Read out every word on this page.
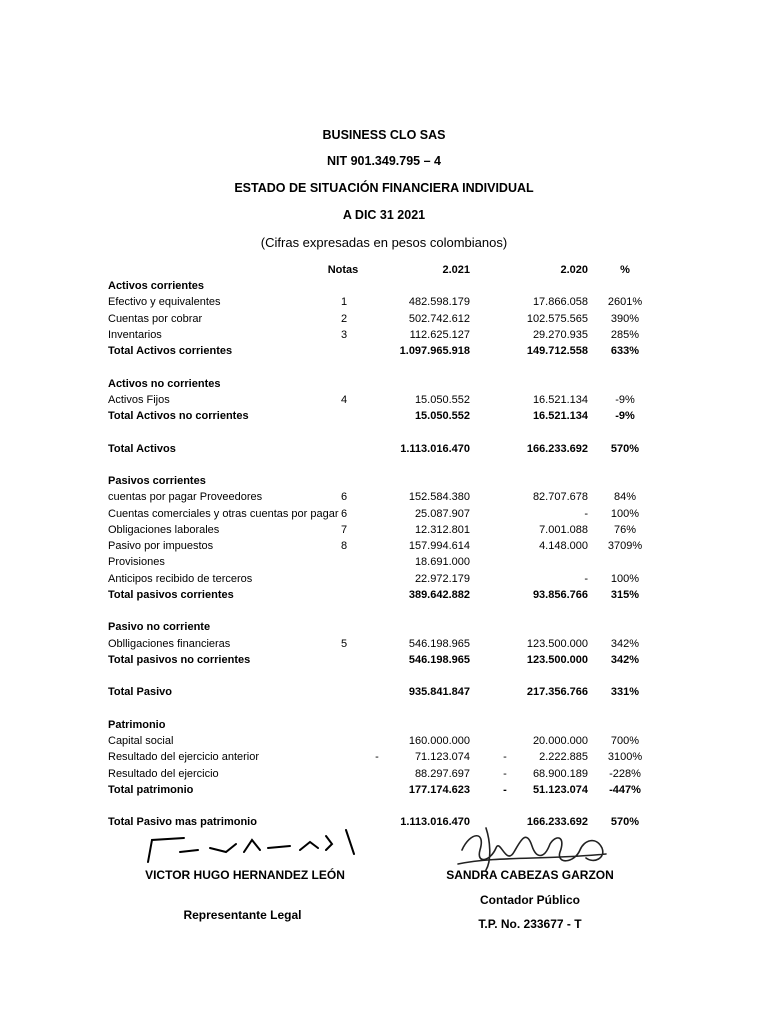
BUSINESS CLO SAS
NIT 901.349.795 – 4
ESTADO DE SITUACIÓN FINANCIERA INDIVIDUAL
A DIC 31 2021
(Cifras expresadas en pesos colombianos)
Notas	2.021	2.020	%
Activos corrientes
Efectivo y equivalentes	1	482.598.179	17.866.058	2601%
Cuentas por cobrar	2	502.742.612	102.575.565	390%
Inventarios	3	112.625.127	29.270.935	285%
Total Activos corrientes	1.097.965.918	149.712.558	633%
Activos no corrientes
Activos Fijos	4	15.050.552	16.521.134	-9%
Total Activos no corrientes	15.050.552	16.521.134	-9%
Total Activos	1.113.016.470	166.233.692	570%
Pasivos corrientes
cuentas por pagar Proveedores	6	152.584.380	82.707.678	84%
Cuentas comerciales y otras cuentas por pagar 6	25.087.907	-	100%
Obligaciones laborales	7	12.312.801	7.001.088	76%
Pasivo por impuestos	8	157.994.614	4.148.000	3709%
Provisiones	18.691.000
Anticipos recibido de terceros	22.972.179	-	100%
Total pasivos corrientes	389.642.882	93.856.766	315%
Pasivo no corriente
Oblligaciones financieras	5	546.198.965	123.500.000	342%
Total pasivos no corrientes	546.198.965	123.500.000	342%
Total Pasivo	935.841.847	217.356.766	331%
Patrimonio
Capital social	160.000.000	20.000.000	700%
Resultado del ejercicio anterior	-	71.123.074	-	2.222.885	3100%
Resultado del ejercicio	88.297.697	-	68.900.189	-228%
Total patrimonio	177.174.623	-	51.123.074	-447%
Total Pasivo mas patrimonio	1.113.016.470	166.233.692	570%
VICTOR HUGO HERNANDEZ LEÓN
Representante Legal
SANDRA CABEZAS GARZON
Contador Público
T.P. No. 233677 - T
